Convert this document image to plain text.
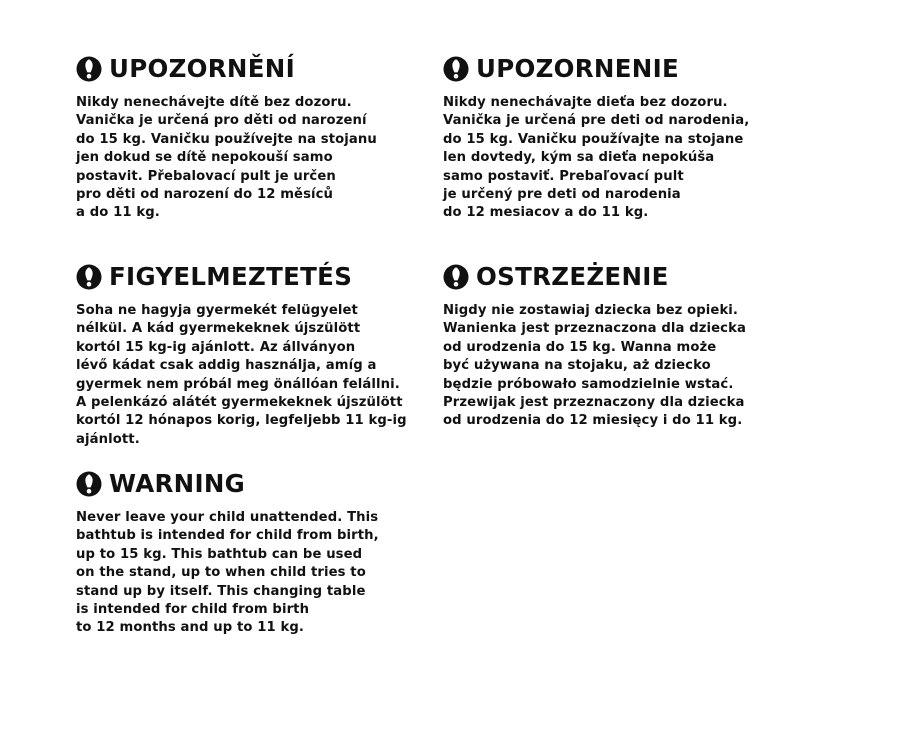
UPOZORNĚNÍ
Nikdy nenechávejte dítě bez dozoru.
Vanička je určená pro děti od narození
do 15 kg. Vaničku používejte na stojanu
jen dokud se dítě nepokouší samo
postavit. Přebalovací pult je určen
pro děti od narození do 12 měsíců
a do 11 kg.
UPOZORNENIE
Nikdy nenechávajte dieťa bez dozoru.
Vanička je určená pre deti od narodenia,
do 15 kg. Vaničku používajte na stojane
len dovtedy, kým sa dieťa nepokúša
samo postaviť. Prebaľovací pult
je určený pre deti od narodenia
do 12 mesiacov a do 11 kg.
FIGYELMEZTETÉS
Soha ne hagyja gyermekét felügyelet
nélkül. A kád gyermekeknek újszülött
kortól 15 kg-ig ajánlott. Az állványon
lévő kádat csak addig használja, amíg a
gyermek nem próbál meg önállóan felállni.
A pelenkázó alátét gyermekeknek újszülött
kortól 12 hónapos korig, legfeljebb 11 kg-ig
ajánlott.
OSTRZEŻENIE
Nigdy nie zostawiaj dziecka bez opieki.
Wanienka jest przeznaczona dla dziecka
od urodzenia do 15 kg. Wanna może
być używana na stojaku, aż dziecko
będzie próbowało samodzielnie wstać.
Przewijak jest przeznaczony dla dziecka
od urodzenia do 12 miesięcy i do 11 kg.
WARNING
Never leave your child unattended. This
bathtub is intended for child from birth,
up to 15 kg. This bathtub can be used
on the stand, up to when child tries to
stand up by itself. This changing table
is intended for child from birth
to 12 months and up to 11 kg.
